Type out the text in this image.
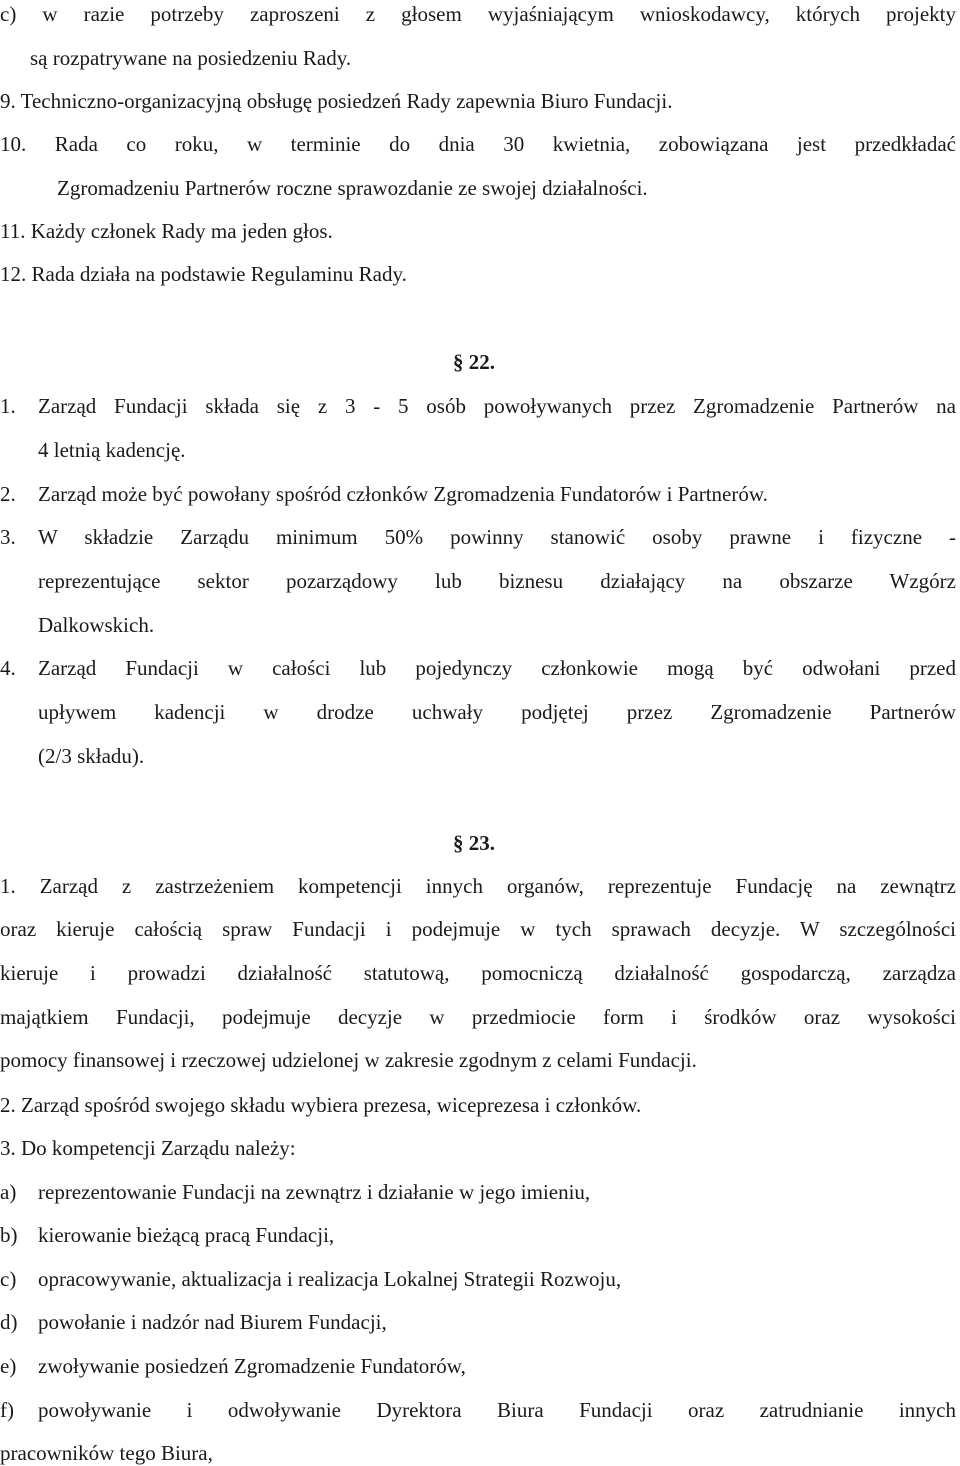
c) w razie potrzeby zaproszeni z głosem wyjaśniającym wnioskodawcy, których projekty
są rozpatrywane na posiedzeniu Rady.
9. Techniczno-organizacyjną obsługę posiedzeń Rady zapewnia Biuro Fundacji.
10. Rada co roku, w terminie do dnia 30 kwietnia, zobowiązana jest przedkładać
Zgromadzeniu Partnerów roczne sprawozdanie ze swojej działalności.
11. Każdy członek Rady ma jeden głos.
12. Rada działa na podstawie Regulaminu Rady.
§ 22.
1. Zarząd Fundacji składa się z 3 - 5 osób powoływanych przez Zgromadzenie Partnerów na
4 letnią kadencję.
2. Zarząd może być powołany spośród członków Zgromadzenia Fundatorów i Partnerów.
3. W składzie Zarządu minimum 50% powinny stanowić osoby prawne i fizyczne -
reprezentujące sektor pozarządowy lub biznesu działający na obszarze Wzgórz
Dalkowskich.
4. Zarząd Fundacji w całości lub pojedynczy członkowie mogą być odwołani przed
upływem kadencji w drodze uchwały podjętej przez Zgromadzenie Partnerów
(2/3 składu).
§ 23.
1. Zarząd z zastrzeżeniem kompetencji innych organów, reprezentuje Fundację na zewnątrz
oraz kieruje całością spraw Fundacji i podejmuje w tych sprawach decyzje. W szczególności
kieruje i prowadzi działalność statutową, pomocniczą działalność gospodarczą, zarządza
majątkiem Fundacji, podejmuje decyzje w przedmiocie form i środków oraz wysokości
pomocy finansowej i rzeczowej udzielonej w zakresie zgodnym z celami Fundacji.
2. Zarząd spośród swojego składu wybiera prezesa, wiceprezesa i członków.
3. Do kompetencji Zarządu należy:
a) reprezentowanie Fundacji na zewnątrz i działanie w jego imieniu,
b) kierowanie bieżącą pracą Fundacji,
c) opracowywanie, aktualizacja i realizacja Lokalnej Strategii Rozwoju,
d) powołanie i nadzór nad Biurem Fundacji,
e) zwoływanie posiedzeń Zgromadzenie Fundatorów,
f) powoływanie i odwoływanie Dyrektora Biura Fundacji oraz zatrudnianie innych
pracowników tego Biura,
